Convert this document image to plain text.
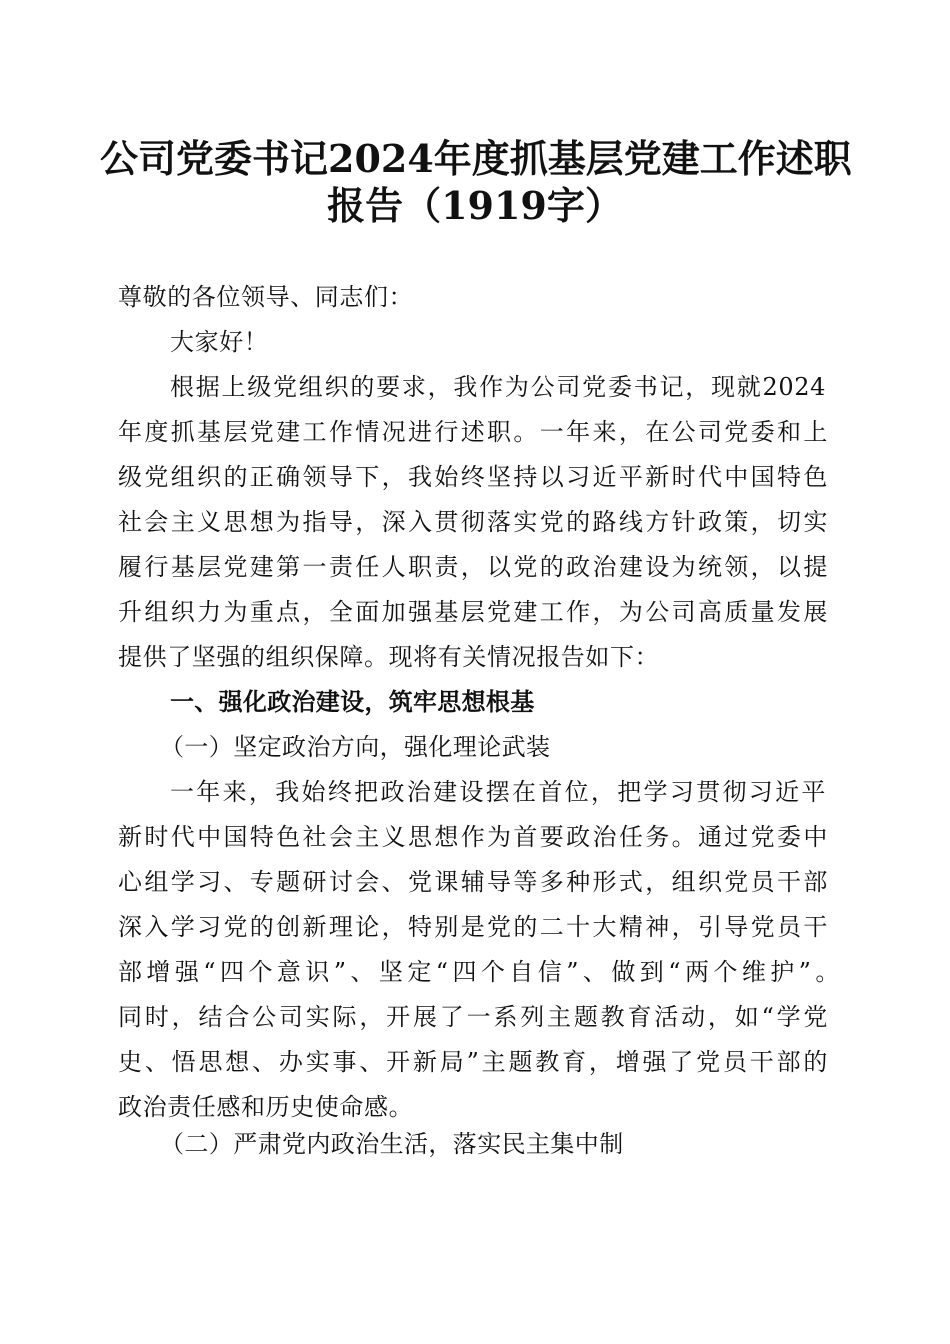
公司党委书记2024年度抓基层党建工作述职
报告（1919字）
尊敬的各位领导、同志们：
大家好！
根据上级党组织的要求，我作为公司党委书记，现就2024
年度抓基层党建工作情况进行述职。一年来，在公司党委和上
级党组织的正确领导下，我始终坚持以习近平新时代中国特色
社会主义思想为指导，深入贯彻落实党的路线方针政策，切实
履行基层党建第一责任人职责，以党的政治建设为统领，以提
升组织力为重点，全面加强基层党建工作，为公司高质量发展
提供了坚强的组织保障。现将有关情况报告如下：
一、强化政治建设，筑牢思想根基
（一）坚定政治方向，强化理论武装
一年来，我始终把政治建设摆在首位，把学习贯彻习近平
新时代中国特色社会主义思想作为首要政治任务。通过党委中
心组学习、专题研讨会、党课辅导等多种形式，组织党员干部
深入学习党的创新理论，特别是党的二十大精神，引导党员干
部增强“四个意识”、坚定“四个自信”、做到“两个维护”。
同时，结合公司实际，开展了一系列主题教育活动，如“学党
史、悟思想、办实事、开新局”主题教育，增强了党员干部的
政治责任感和历史使命感。
（二）严肃党内政治生活，落实民主集中制
